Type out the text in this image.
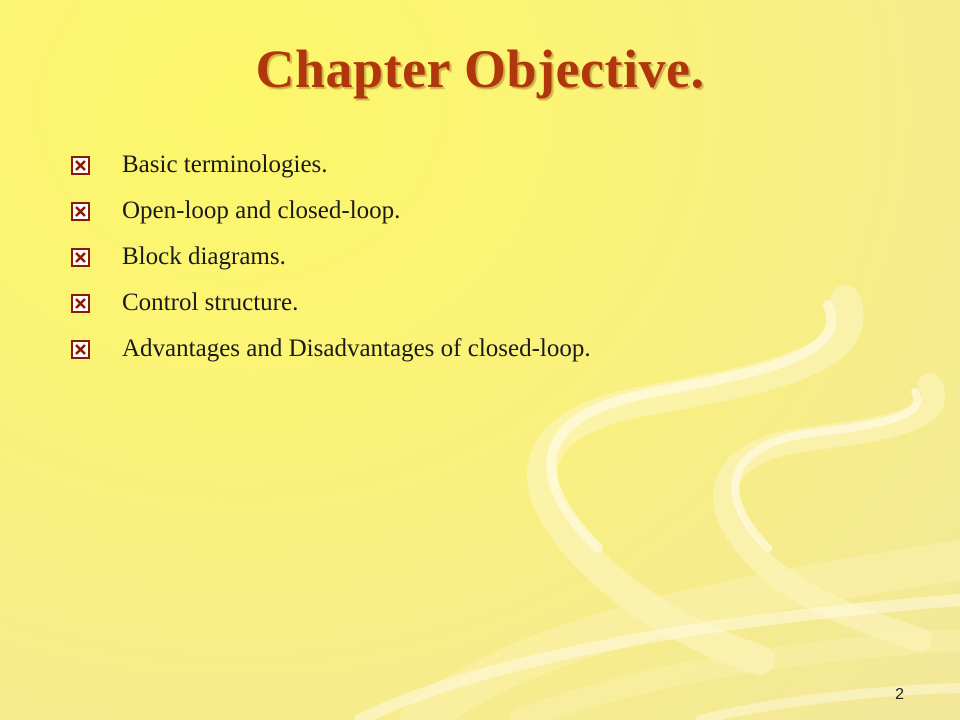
Chapter Objective.
Basic terminologies.
Open-loop and closed-loop.
Block diagrams.
Control structure.
Advantages and Disadvantages of closed-loop.
2
